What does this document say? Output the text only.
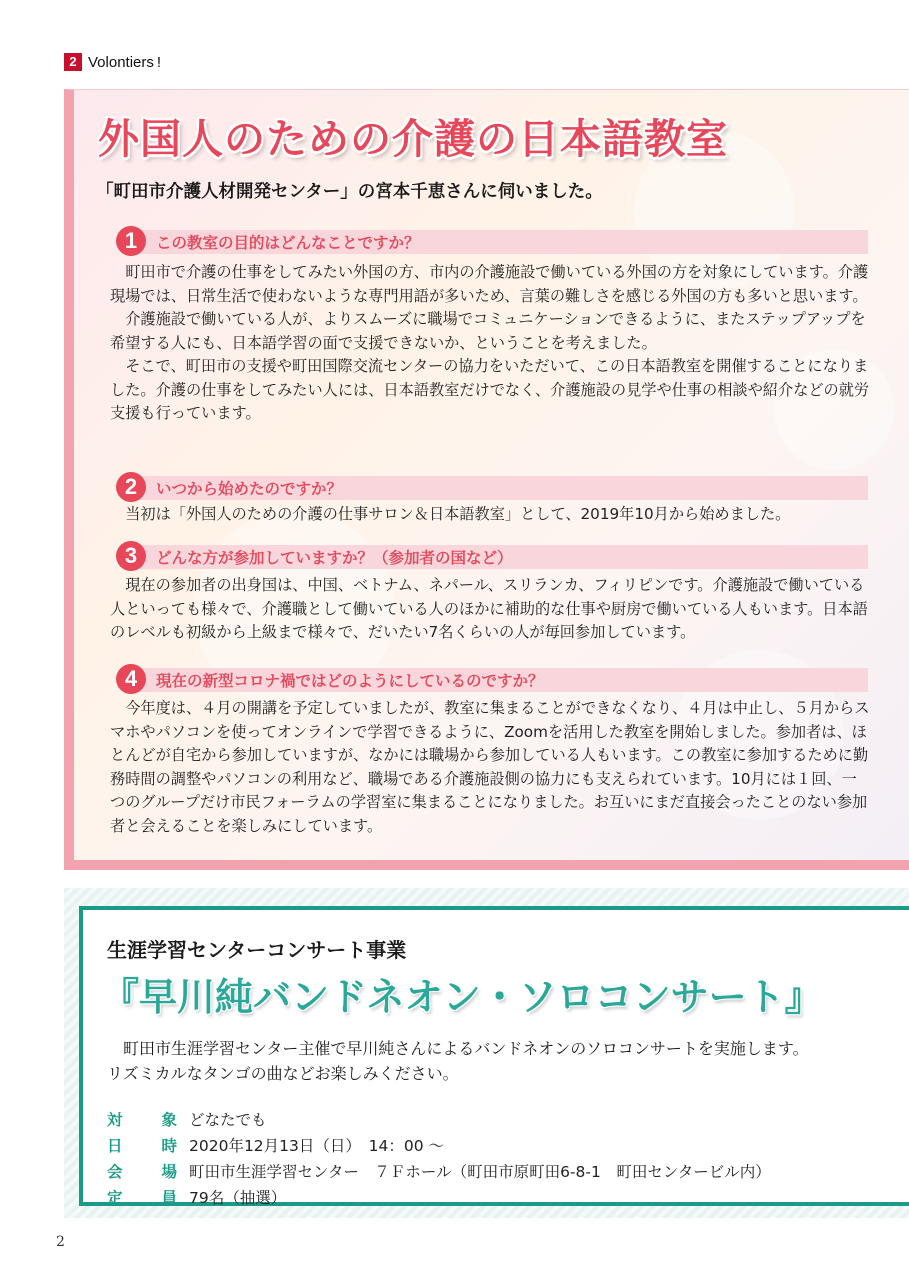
2 Volontiers !
外国人のための介護の日本語教室
「町田市介護人材開発センター」の宮本千恵さんに伺いました。
1	この教室の目的はどんなことですか？

町田市で介護の仕事をしてみたい外国の方、市内の介護施設で働いている外国の方を対象にしています。介護現場では、日常生活で使わないような専門用語が多いため、言葉の難しさを感じる外国の方も多いと思います。

介護施設で働いている人が、よりスムーズに職場でコミュニケーションできるように、またステップアップを希望する人にも、日本語学習の面で支援できないか、ということを考えました。

そこで、町田市の支援や町田国際交流センターの協力をいただいて、この日本語教室を開催することになりました。介護の仕事をしてみたい人には、日本語教室だけでなく、介護施設の見学や仕事の相談や紹介などの就労支援も行っています。

2	いつから始めたのですか？

当初は「外国人のための介護の仕事サロン＆日本語教室」として、2019年10月から始めました。

3	どんな方が参加していますか？（参加者の国など）

現在の参加者の出身国は、中国、ベトナム、ネパール、スリランカ、フィリピンです。介護施設で働いている人といっても様々で、介護職として働いている人のほかに補助的な仕事や厨房で働いている人もいます。日本語のレベルも初級から上級まで様々で、だいたい7名くらいの人が毎回参加しています。

4	現在の新型コロナ禍ではどのようにしているのですか？

今年度は、４月の開講を予定していましたが、教室に集まることができなくなり、４月は中止し、５月からスマホやパソコンを使ってオンラインで学習できるように、Zoomを活用した教室を開始しました。参加者は、ほとんどが自宅から参加していますが、なかには職場から参加している人もいます。この教室に参加するために勤務時間の調整やパソコンの利用など、職場である介護施設側の協力にも支えられています。10月には１回、一つのグループだけ市民フォーラムの学習室に集まることになりました。お互いにまだ直接会ったことのない参加者と会えることを楽しみにしています。

生涯学習センターコンサート事業
『早川純バンドネオン・ソロコンサート』
町田市生涯学習センター主催で早川純さんによるバンドネオンのソロコンサートを実施します。
リズミカルなタンゴの曲などお楽しみください。
対	象 どなたでも
日	時 2020年12月13日（日）　14：00 ～
会	場 町田市生涯学習センター　７Ｆホール（町田市原町田6-8-1　町田センタービル内）
定	員 79名（抽選）
2
